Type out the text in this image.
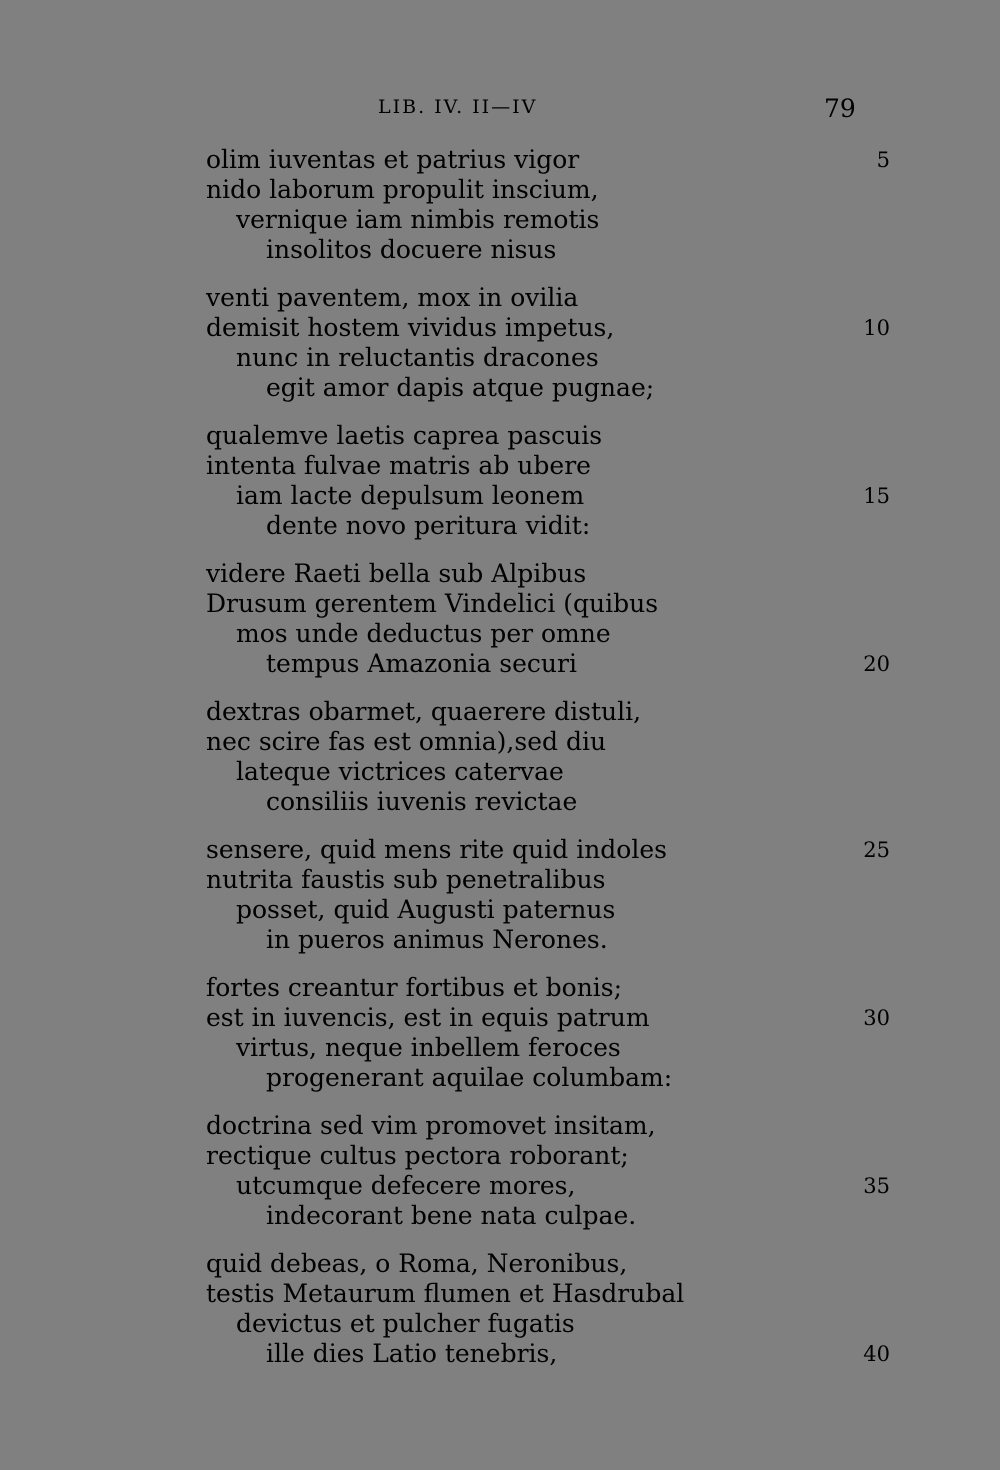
LIB. IV. II—IV	79
olim iuventas et patrius vigor	5
nido laborum propulit inscium,
vernique iam nimbis remotis
insolitos docuere nisus
venti paventem, mox in ovilia
demisit hostem vividus impetus,	10
nunc in reluctantis dracones
egit amor dapis atque pugnae;
qualemve laetis caprea pascuis
intenta fulvae matris ab ubere
iam lacte depulsum leonem	15
dente novo peritura vidit:
videre Raeti bella sub Alpibus
Drusum gerentem Vindelici (quibus
mos unde deductus per omne
tempus Amazonia securi	20
dextras obarmet, quaerere distuli,
nec scire fas est omnia),sed diu
lateque victrices catervae
consiliis iuvenis revictae
sensere, quid mens rite quid indoles	25
nutrita faustis sub penetralibus
posset, quid Augusti paternus
in pueros animus Nerones.
fortes creantur fortibus et bonis;
est in iuvencis, est in equis patrum	30
virtus, neque inbellem feroces
progenerant aquilae columbam:
doctrina sed vim promovet insitam,
rectique cultus pectora roborant;
utcumque defecere mores,	35
indecorant bene nata culpae.
quid debeas, o Roma, Neronibus,
testis Metaurum flumen et Hasdrubal
devictus et pulcher fugatis
ille dies Latio tenebris,	40
